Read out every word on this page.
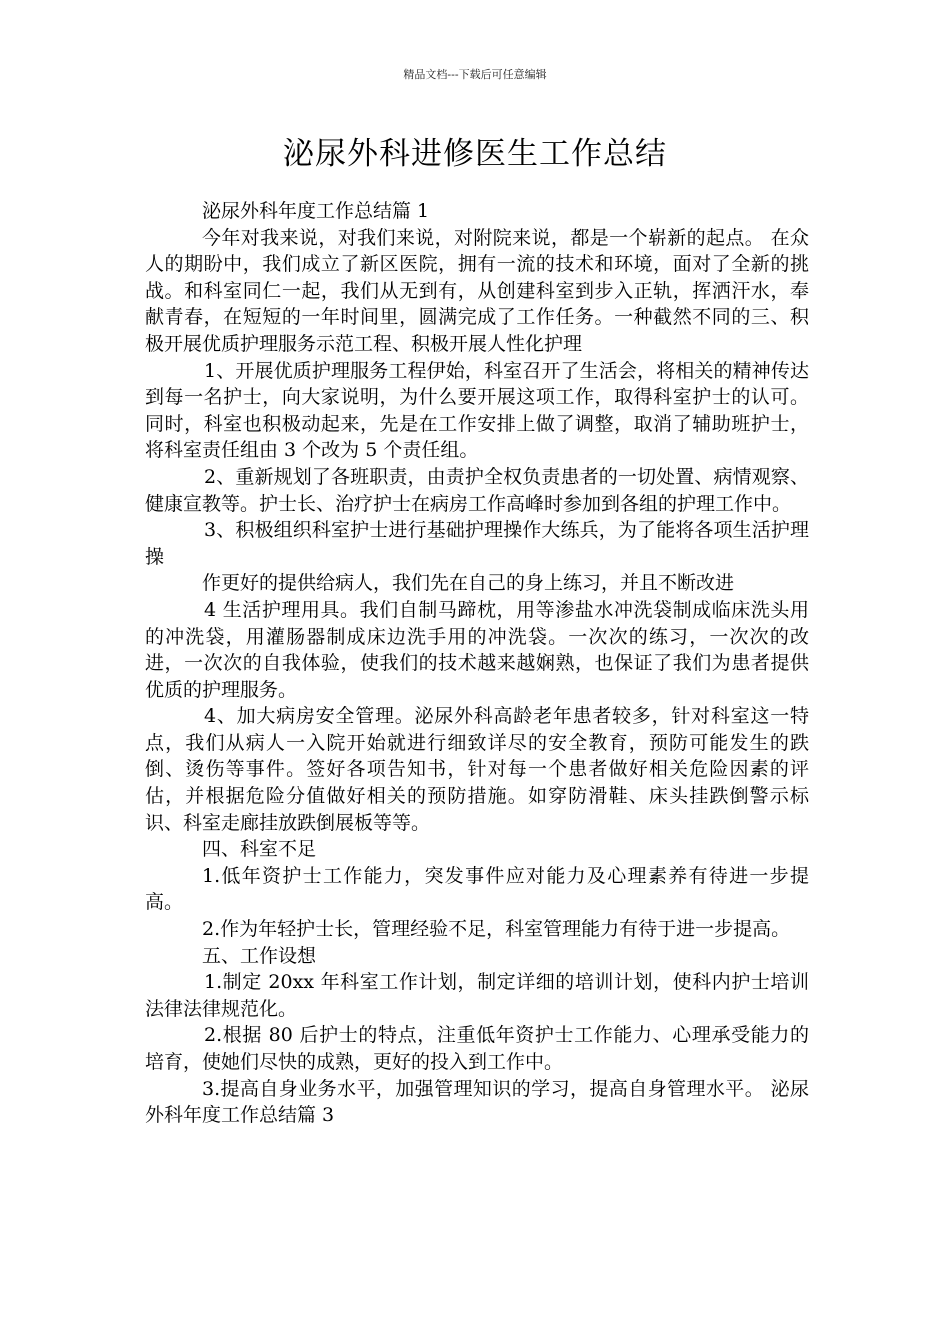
精品文档---下载后可任意编辑
泌尿外科进修医生工作总结

泌尿外科年度工作总结篇 1

今年对我来说，对我们来说，对附院来说，都是一个崭新的起点。 在众人的期盼中，我们成立了新区医院，拥有一流的技术和环境，面对了全新的挑战。和科室同仁一起，我们从无到有，从创建科室到步入正轨，挥洒汗水，奉献青春，在短短的一年时间里，圆满完成了工作任务。一种截然不同的三、积极开展优质护理服务示范工程、积极开展人性化护理

1、开展优质护理服务工程伊始，科室召开了生活会，将相关的精神传达到每一名护士，向大家说明，为什么要开展这项工作，取得科室护士的认可。同时，科室也积极动起来，先是在工作安排上做了调整，取消了辅助班护士，将科室责任组由 3 个改为 5 个责任组。

2、重新规划了各班职责，由责护全权负责患者的一切处置、病情观察、健康宣教等。护士长、治疗护士在病房工作高峰时参加到各组的护理工作中。

3、积极组织科室护士进行基础护理操作大练兵，为了能将各项生活护理操

作更好的提供给病人，我们先在自己的身上练习，并且不断改进

4 生活护理用具。我们自制马蹄枕，用等渗盐水冲洗袋制成临床洗头用的冲洗袋，用灌肠器制成床边洗手用的冲洗袋。一次次的练习，一次次的改进，一次次的自我体验，使我们的技术越来越娴熟，也保证了我们为患者提供优质的护理服务。

4、加大病房安全管理。泌尿外科高龄老年患者较多，针对科室这一特点，我们从病人一入院开始就进行细致详尽的安全教育，预防可能发生的跌倒、烫伤等事件。签好各项告知书，针对每一个患者做好相关危险因素的评估，并根据危险分值做好相关的预防措施。如穿防滑鞋、床头挂跌倒警示标识、科室走廊挂放跌倒展板等等。

四、科室不足

1.低年资护士工作能力，突发事件应对能力及心理素养有待进一步提高。

2.作为年轻护士长，管理经验不足，科室管理能力有待于进一步提高。

五、工作设想

1.制定 20xx 年科室工作计划，制定详细的培训计划，使科内护士培训法律法律规范化。

2.根据 80 后护士的特点，注重低年资护士工作能力、心理承受能力的培育，使她们尽快的成熟，更好的投入到工作中。

3.提高自身业务水平，加强管理知识的学习，提高自身管理水平。 泌尿外科年度工作总结篇 3
